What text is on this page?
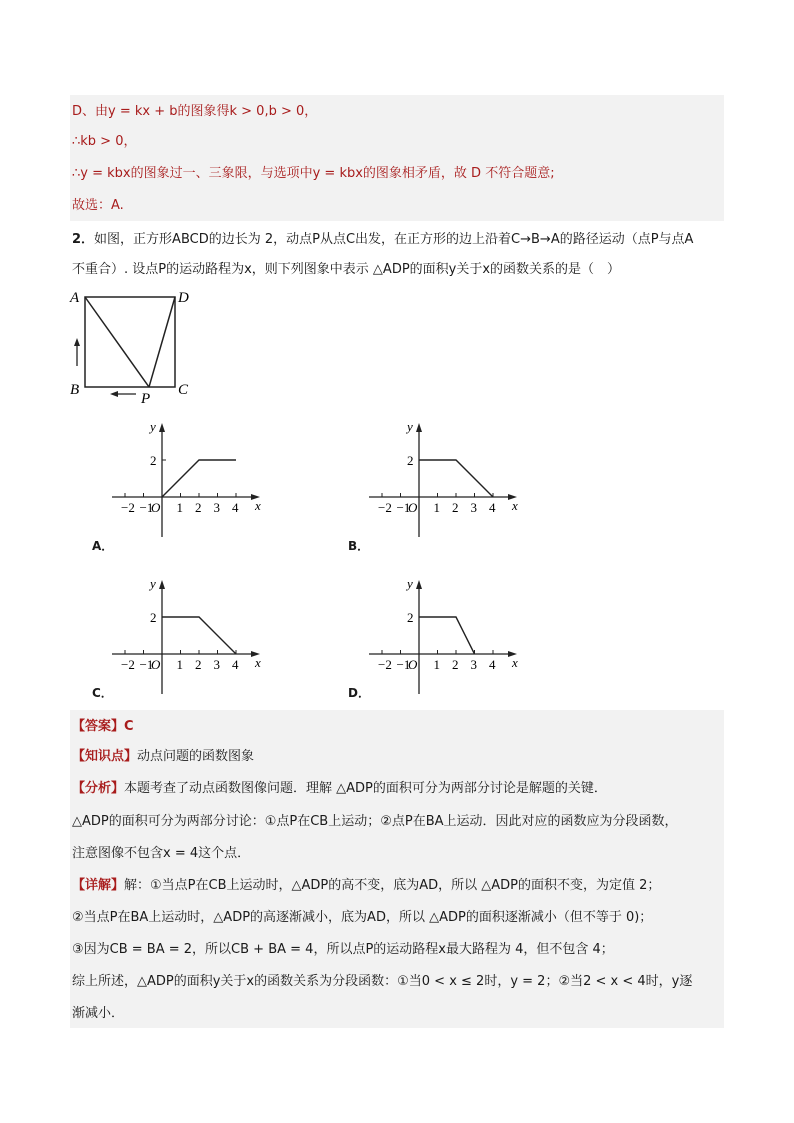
D、由y = kx + b的图象得k > 0,b > 0，
∴kb > 0，
∴y = kbx的图象过一、三象限，与选项中y = kbx的图象相矛盾，故 D 不符合题意;
故选：A.
2．如图，正方形ABCD的边长为 2，动点P从点C出发，在正方形的边上沿着C→B→A的路径运动（点P与点A
不重合）. 设点P的运动路程为x，则下列图象中表示 △ADP的面积y关于x的函数关系的是（　）
A	D
B	C
P
−2 −1
O 1 2 3 4
2
x
y
−2 −1
O 1 2 3 4
2
x
y
−2 −1
O 1 2 3 4
2
x
y
−2 −1
O 1 2 3 4
2
x
y
A．	B．
C．	D．
【答案】C
【知识点】动点问题的函数图象
【分析】本题考查了动点函数图像问题．理解 △ADP的面积可分为两部分讨论是解题的关键．
△ADP的面积可分为两部分讨论：①点P在CB上运动；②点P在BA上运动．因此对应的函数应为分段函数，
注意图像不包含x = 4这个点．
【详解】解：①当点P在CB上运动时，△ADP的高不变，底为AD，所以 △ADP的面积不变，为定值 2；
②当点P在BA上运动时，△ADP的高逐渐减小，底为AD，所以 △ADP的面积逐渐减小（但不等于 0)；
③因为CB = BA = 2，所以CB + BA = 4，所以点P的运动路程x最大路程为 4，但不包含 4；
综上所述，△ADP的面积y关于x的函数关系为分段函数：①当0 < x ≤ 2时，y = 2；②当2 < x < 4时，y逐
渐减小．
